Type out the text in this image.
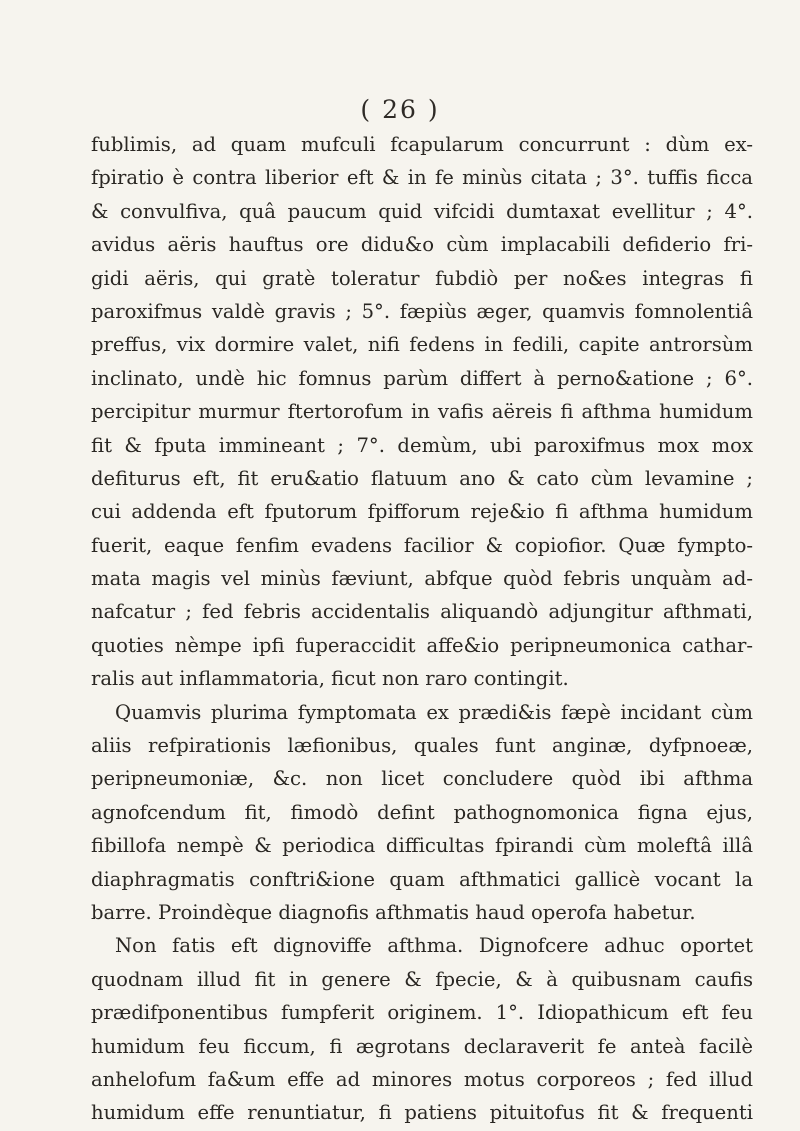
( 26 )
fublimis, ad quam mufculi fcapularum concurrunt : dùm ex-
fpiratio è contra liberior eft & in fe minùs citata ; 3°. tuffis ficca
& convulfiva, quâ paucum quid vifcidi dumtaxat evellitur ; 4°.
avidus aëris hauftus ore didu&o cùm implacabili defiderio fri-
gidi aëris, qui gratè toleratur fubdiò per no&es integras fi
paroxifmus valdè gravis ; 5°. fæpiùs æger, quamvis fomnolentiâ
preffus, vix dormire valet, nifi fedens in fedili, capite antrorsùm
inclinato, undè hic fomnus parùm differt à perno&atione ; 6°.
percipitur murmur ftertorofum in vafis aëreis fi afthma humidum
fit & fputa immineant ; 7°. demùm, ubi paroxifmus mox mox
defiturus eft, fit eru&atio flatuum ano & cato cùm levamine ;
cui addenda eft fputorum fpifforum reje&io fi afthma humidum
fuerit, eaque fenfim evadens facilior & copiofior. Quæ fympto-
mata magis vel minùs fæviunt, abfque quòd febris unquàm ad-
nafcatur ; fed febris accidentalis aliquandò adjungitur afthmati,
quoties nèmpe ipfi fuperaccidit affe&io peripneumonica cathar-
ralis aut inflammatoria, ficut non raro contingit.
Quamvis plurima fymptomata ex prædi&is fæpè incidant cùm
aliis refpirationis læfionibus, quales funt anginæ, dyfpnoeæ,
peripneumoniæ, &c. non licet concludere quòd ibi afthma
agnofcendum fit, fimodò defint pathognomonica figna ejus,
fibillofa nempè & periodica difficultas fpirandi cùm moleftâ illâ
diaphragmatis conftri&ione quam afthmatici gallicè vocant la
barre. Proindèque diagnofis afthmatis haud operofa habetur.
Non fatis eft dignoviffe afthma. Dignofcere adhuc oportet
quodnam illud fit in genere & fpecie, & à quibusnam caufis
prædifponentibus fumpferit originem. 1°. Idiopathicum eft feu
humidum feu ficcum, fi ægrotans declaraverit fe anteà facilè
anhelofum fa&um effe ad minores motus corporeos ; fed illud
humidum effe renuntiatur, fi patiens pituitofus fit & frequenti
